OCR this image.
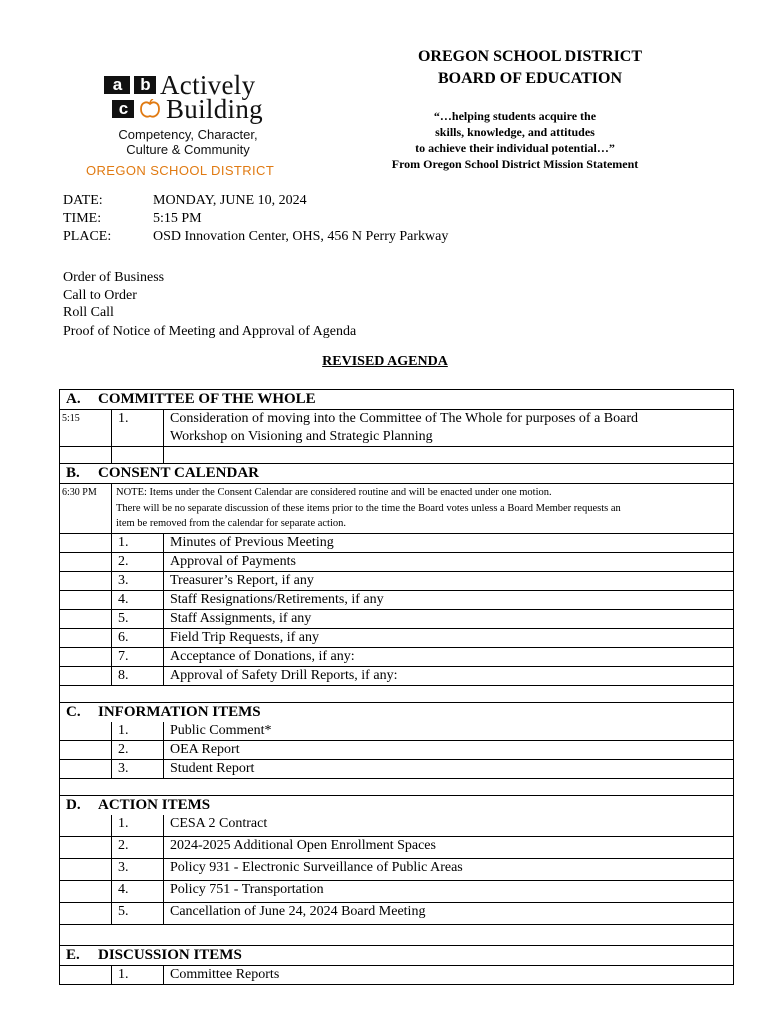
a	b Actively
c Building
Competency, Character,
Culture & Community
OREGON SCHOOL DISTRICT
OREGON SCHOOL DISTRICT
BOARD OF EDUCATION
“…helping students acquire the
skills, knowledge, and attitudes
to achieve their individual potential…”
From Oregon School District Mission Statement
DATE:	MONDAY, JUNE 10, 2024
TIME:	5:15 PM
PLACE:	OSD Innovation Center, OHS, 456 N Perry Parkway
Order of Business
Call to Order
Roll Call
Proof of Notice of Meeting and Approval of Agenda
REVISED AGENDA
A. COMMITTEE OF THE WHOLE
5:15	1.	Consideration of moving into the Committee of The Whole for purposes of a Board
Workshop on Visioning and Strategic Planning
B. CONSENT CALENDAR
6:30 PM	NOTE: Items under the Consent Calendar are considered routine and will be enacted under one motion.
There will be no separate discussion of these items prior to the time the Board votes unless a Board Member requests an
item be removed from the calendar for separate action.
1.	Minutes of Previous Meeting
2.	Approval of Payments
3.	Treasurer’s Report, if any
4.	Staff Resignations/Retirements, if any
5.	Staff Assignments, if any
6.	Field Trip Requests, if any
7.	Acceptance of Donations, if any:
8.	Approval of Safety Drill Reports, if any:
C. INFORMATION ITEMS
1.	Public Comment*
2.	OEA Report
3.	Student Report
D. ACTION ITEMS
1.	CESA 2 Contract
2.	2024-2025 Additional Open Enrollment Spaces
3.	Policy 931 - Electronic Surveillance of Public Areas
4.	Policy 751 - Transportation
5.	Cancellation of June 24, 2024 Board Meeting
E. DISCUSSION ITEMS
1.	Committee Reports
